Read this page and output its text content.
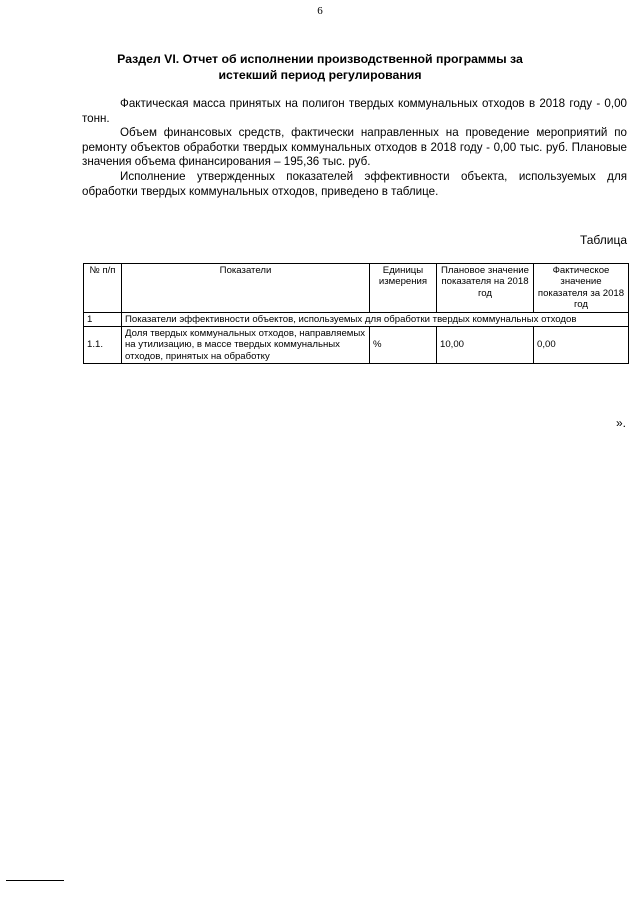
6
Раздел VI. Отчет об исполнении производственной программы за истекший период регулирования

Фактическая масса принятых на полигон твердых коммунальных отходов в 2018 году - 0,00 тонн.

Объем финансовых средств, фактически направленных на проведение мероприятий по ремонту объектов обработки твердых коммунальных отходов в 2018 году - 0,00 тыс. руб. Плановые значения объема финансирования – 195,36 тыс. руб.

Исполнение утвержденных показателей эффективности объекта, используемых для обработки твердых коммунальных отходов, приведено в таблице.

Таблица
№ п/п	Показатели	Единицы измерения	Плановое значение показателя на 2018 год	Фактическое значение показателя за 2018 год
1	Показатели эффективности объектов, используемых для обработки твердых коммунальных отходов			
1.1.	Доля твердых коммунальных отходов, направляемых на утилизацию, в массе твердых коммунальных отходов, принятых на обработку	%	10,00	0,00
».
